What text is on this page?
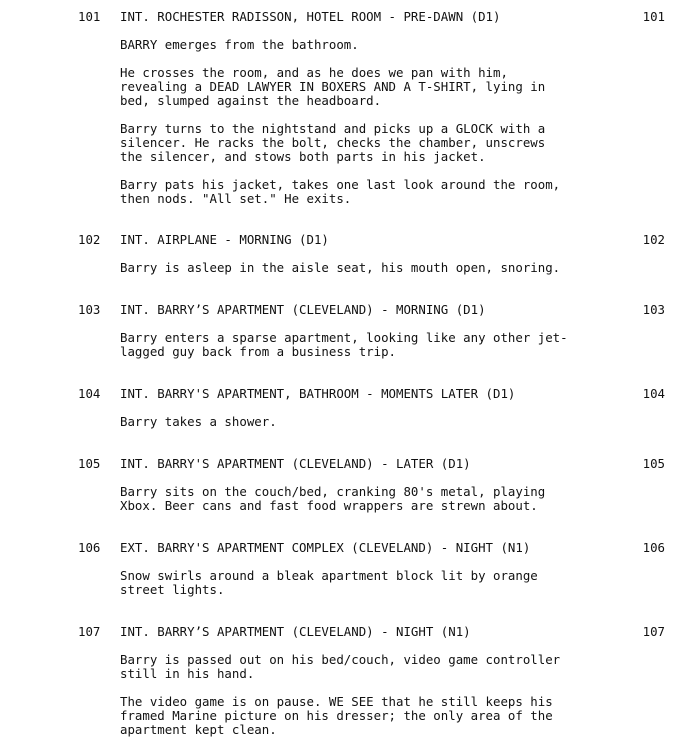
101 INT. ROCHESTER RADISSON, HOTEL ROOM - PRE-DAWN (D1)	101
BARRY emerges from the bathroom.
He crosses the room, and as he does we pan with him,
revealing a DEAD LAWYER IN BOXERS AND A T-SHIRT, lying in
bed, slumped against the headboard.
Barry turns to the nightstand and picks up a GLOCK with a
silencer. He racks the bolt, checks the chamber, unscrews
the silencer, and stows both parts in his jacket.
Barry pats his jacket, takes one last look around the room,
then nods. "All set." He exits.
102 INT. AIRPLANE - MORNING (D1)	102
Barry is asleep in the aisle seat, his mouth open, snoring.
103 INT. BARRY’S APARTMENT (CLEVELAND) - MORNING (D1)	103
Barry enters a sparse apartment, looking like any other jet-
lagged guy back from a business trip.
104 INT. BARRY'S APARTMENT, BATHROOM - MOMENTS LATER (D1)	104
Barry takes a shower.
105 INT. BARRY'S APARTMENT (CLEVELAND) - LATER (D1)	105
Barry sits on the couch/bed, cranking 80's metal, playing
Xbox. Beer cans and fast food wrappers are strewn about.
106 EXT. BARRY'S APARTMENT COMPLEX (CLEVELAND) - NIGHT (N1)	106
Snow swirls around a bleak apartment block lit by orange
street lights.
107 INT. BARRY’S APARTMENT (CLEVELAND) - NIGHT (N1)	107
Barry is passed out on his bed/couch, video game controller
still in his hand.
The video game is on pause. WE SEE that he still keeps his
framed Marine picture on his dresser; the only area of the
apartment kept clean.
